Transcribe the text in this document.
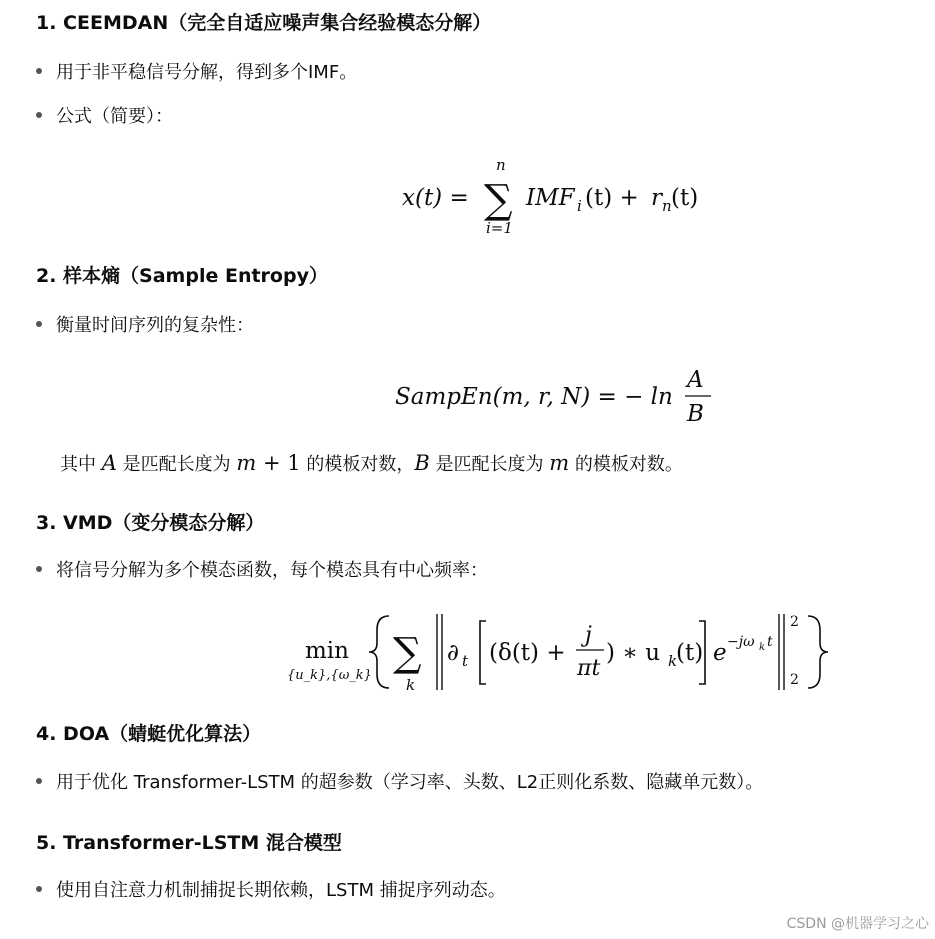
1. CEEMDAN（完全自适应噪声集合经验模态分解）
用于非平稳信号分解，得到多个IMF。
公式（简要）：
x(t) = ∑
n
i=1
IMF i (t) + r n (t)
2. 样本熵（Sample Entropy）
衡量时间序列的复杂性：
SampEn(m, r, N) = − ln
A
B
其中 A 是匹配长度为 m + 1 的模板对数，B 是匹配长度为 m 的模板对数。
3. VMD（变分模态分解）
将信号分解为多个模态函数，每个模态具有中心频率：
min
{u_k},{ω_k} ∑
k
∂ t (δ(t) +
j
πt
) ∗ u k
(t) e −jω k t
2
2
4. DOA（蜻蜓优化算法）
用于优化 Transformer-LSTM 的超参数（学习率、头数、L2正则化系数、隐藏单元数）。
5. Transformer-LSTM 混合模型
使用自注意力机制捕捉长期依赖，LSTM 捕捉序列动态。
CSDN @机器学习之心
